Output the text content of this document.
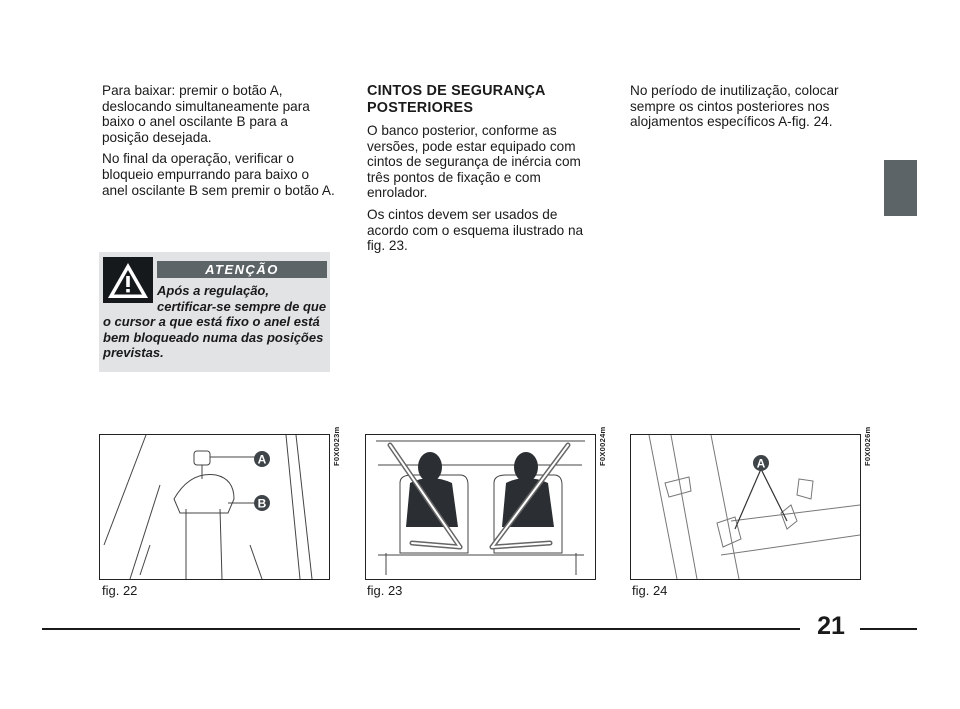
Para baixar: premir o botão A, deslocando simultaneamente para baixo o anel oscilante B para a posição desejada.

No final da operação, verificar o bloqueio empurrando para baixo o anel oscilante B sem premir o botão A.

ATENÇÃO
Após a regulação, certificar-se sempre de que o cursor a que está fixo o anel está bem bloqueado numa das posições previstas.
CINTOS DE SEGURANÇA POSTERIORES

O banco posterior, conforme as versões, pode estar equipado com cintos de segurança de inércia com três pontos de fixação e com enrolador.

Os cintos devem ser usados de acordo com o esquema ilustrado na fig. 23.

No período de inutilização, colocar sempre os cintos posteriores nos alojamentos específicos A-fig. 24.

A
B
F0X0023m
fig. 22
F0X0024m
fig. 23
A	F0X0026m
fig. 24
21
